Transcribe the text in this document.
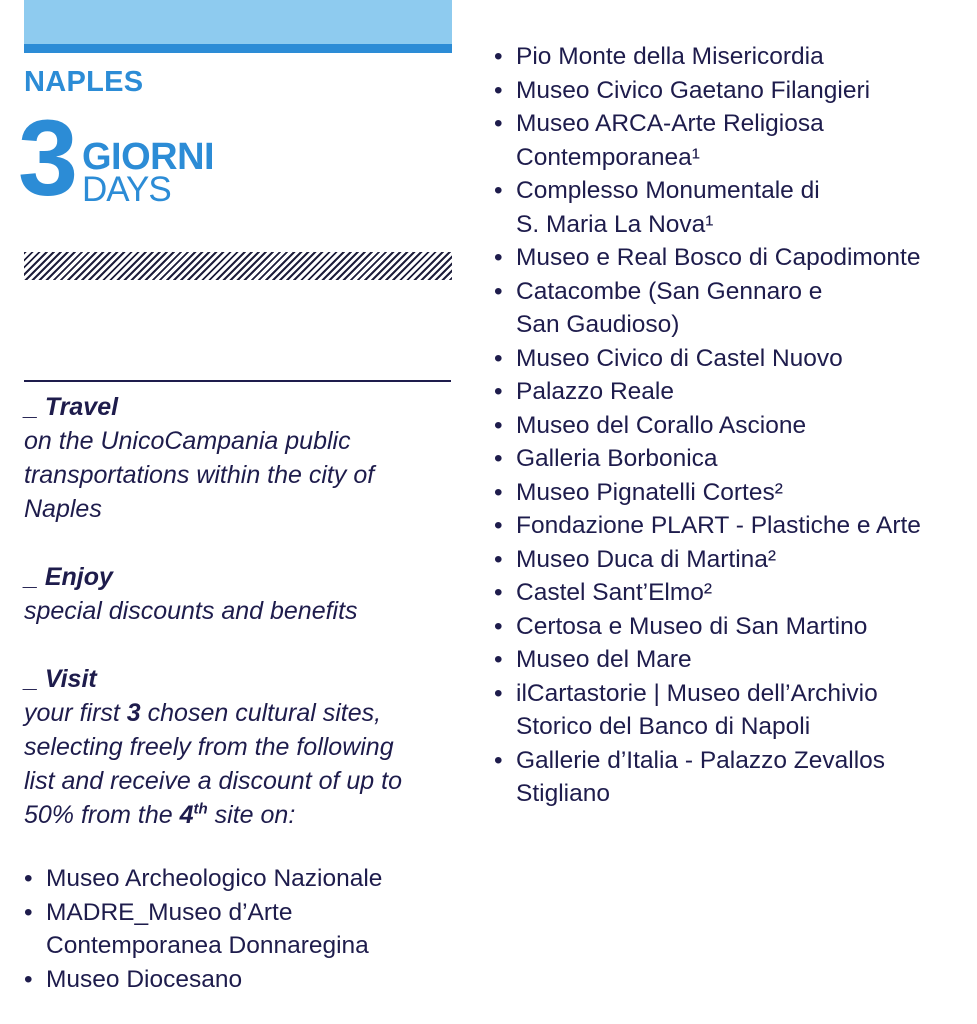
NAPLES
3 GIORNI
DAYS
_ Travel
on the UnicoCampania public transportations within the city of Naples
_ Enjoy
special discounts and benefits
_ Visit
your first 3 chosen cultural sites, selecting freely from the following list and receive a discount of up to 50% from the 4th site on:
• Museo Archeologico Nazionale
• MADRE_Museo d’Arte Contemporanea Donnaregina
• Museo Diocesano
• Pio Monte della Misericordia
• Museo Civico Gaetano Filangieri
• Museo ARCA-Arte Religiosa Contemporanea¹
• Complesso Monumentale di S. Maria La Nova¹
• Museo e Real Bosco di Capodimonte
• Catacombe (San Gennaro e San Gaudioso)
• Museo Civico di Castel Nuovo
• Palazzo Reale
• Museo del Corallo Ascione
• Galleria Borbonica
• Museo Pignatelli Cortes²
• Fondazione PLART - Plastiche e Arte
• Museo Duca di Martina²
• Castel Sant’Elmo²
• Certosa e Museo di San Martino
• Museo del Mare
• ilCartastorie | Museo dell’Archivio Storico del Banco di Napoli
• Gallerie d’Italia - Palazzo Zevallos Stigliano
